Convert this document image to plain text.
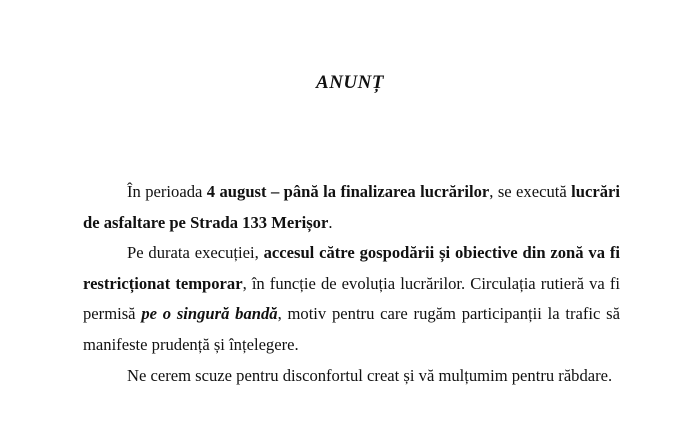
ANUNȚ

În perioada 4 august – până la finalizarea lucrărilor, se execută lucrări de asfaltare pe Strada 133 Merișor.

Pe durata execuției, accesul către gospodării și obiective din zonă va fi restricționat temporar, în funcție de evoluția lucrărilor. Circulația rutieră va fi permisă pe o singură bandă, motiv pentru care rugăm participanții la trafic să manifeste prudență și înțelegere.

Ne cerem scuze pentru disconfortul creat și vă mulțumim pentru răbdare.
